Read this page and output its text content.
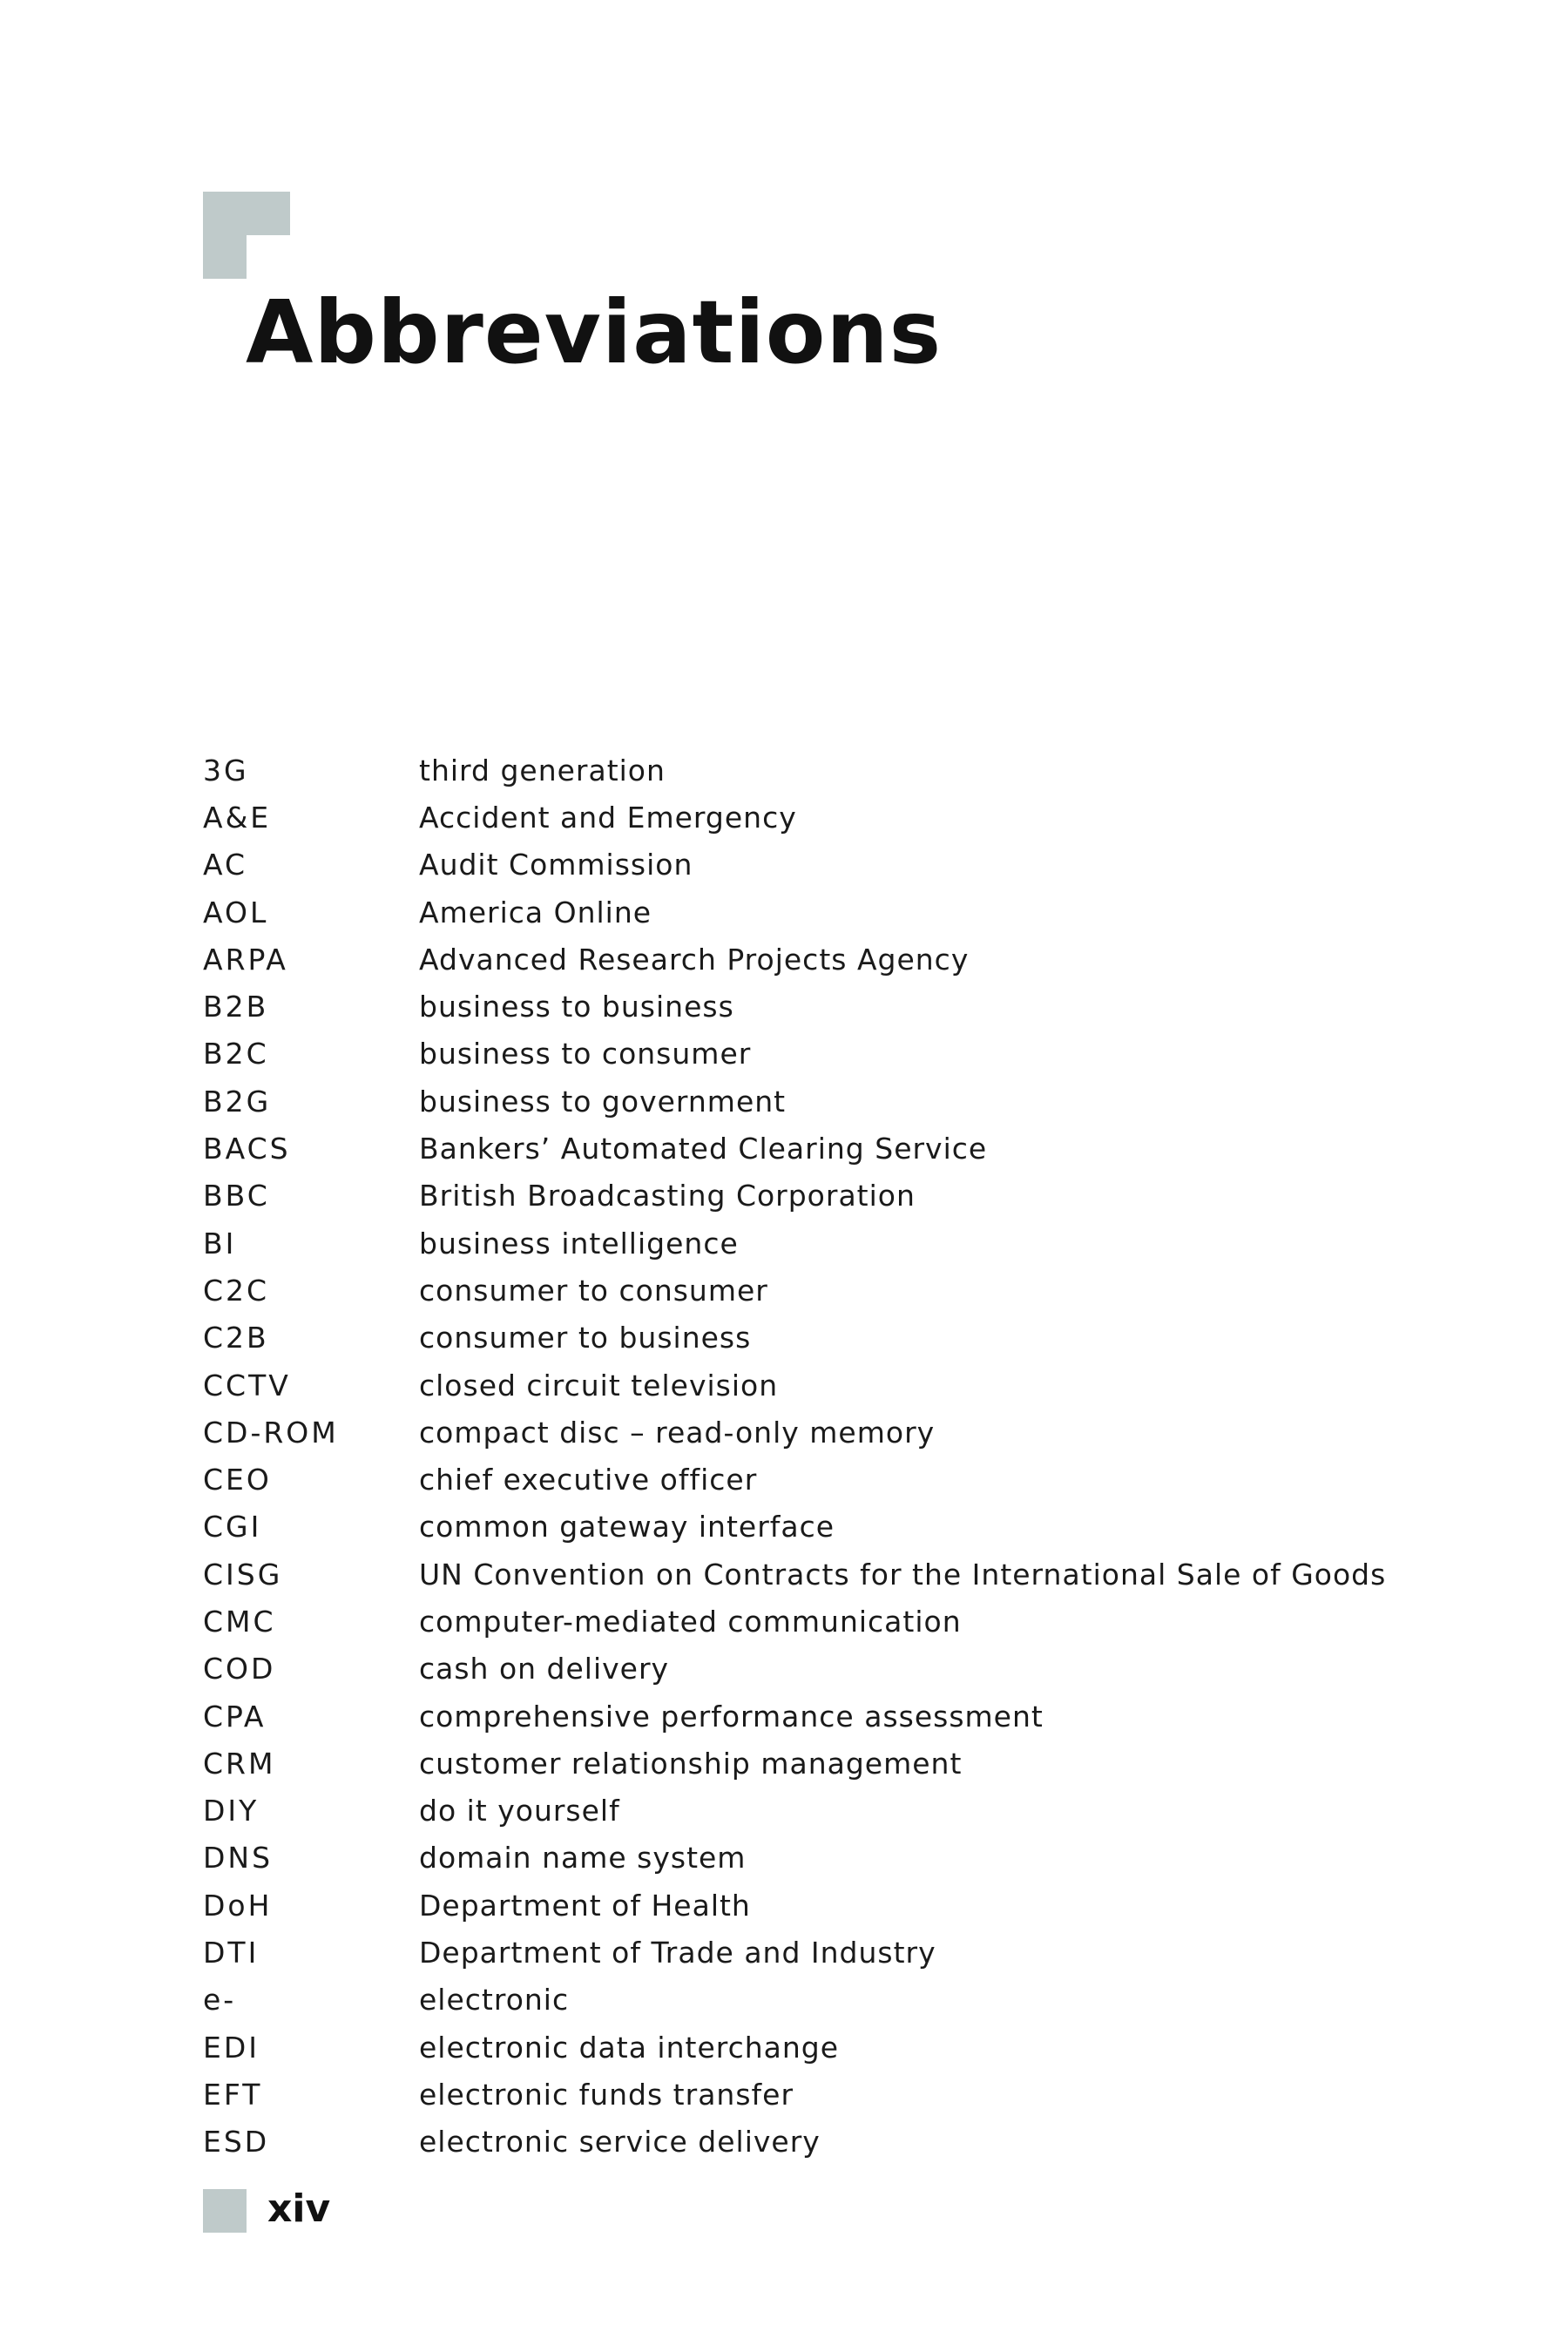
Abbreviations
3G	third generation
A&E	Accident and Emergency
AC	Audit Commission
AOL	America Online
ARPA	Advanced Research Projects Agency
B2B	business to business
B2C	business to consumer
B2G	business to government
BACS	Bankers’ Automated Clearing Service
BBC	British Broadcasting Corporation
BI	business intelligence
C2C	consumer to consumer
C2B	consumer to business
CCTV	closed circuit television
CD-ROM	compact disc – read-only memory
CEO	chief executive officer
CGI	common gateway interface
CISG	UN Convention on Contracts for the International Sale of Goods
CMC	computer-mediated communication
COD	cash on delivery
CPA	comprehensive performance assessment
CRM	customer relationship management
DIY	do it yourself
DNS	domain name system
DoH	Department of Health
DTI	Department of Trade and Industry
e-	electronic
EDI	electronic data interchange
EFT	electronic funds transfer
ESD	electronic service delivery
xiv
